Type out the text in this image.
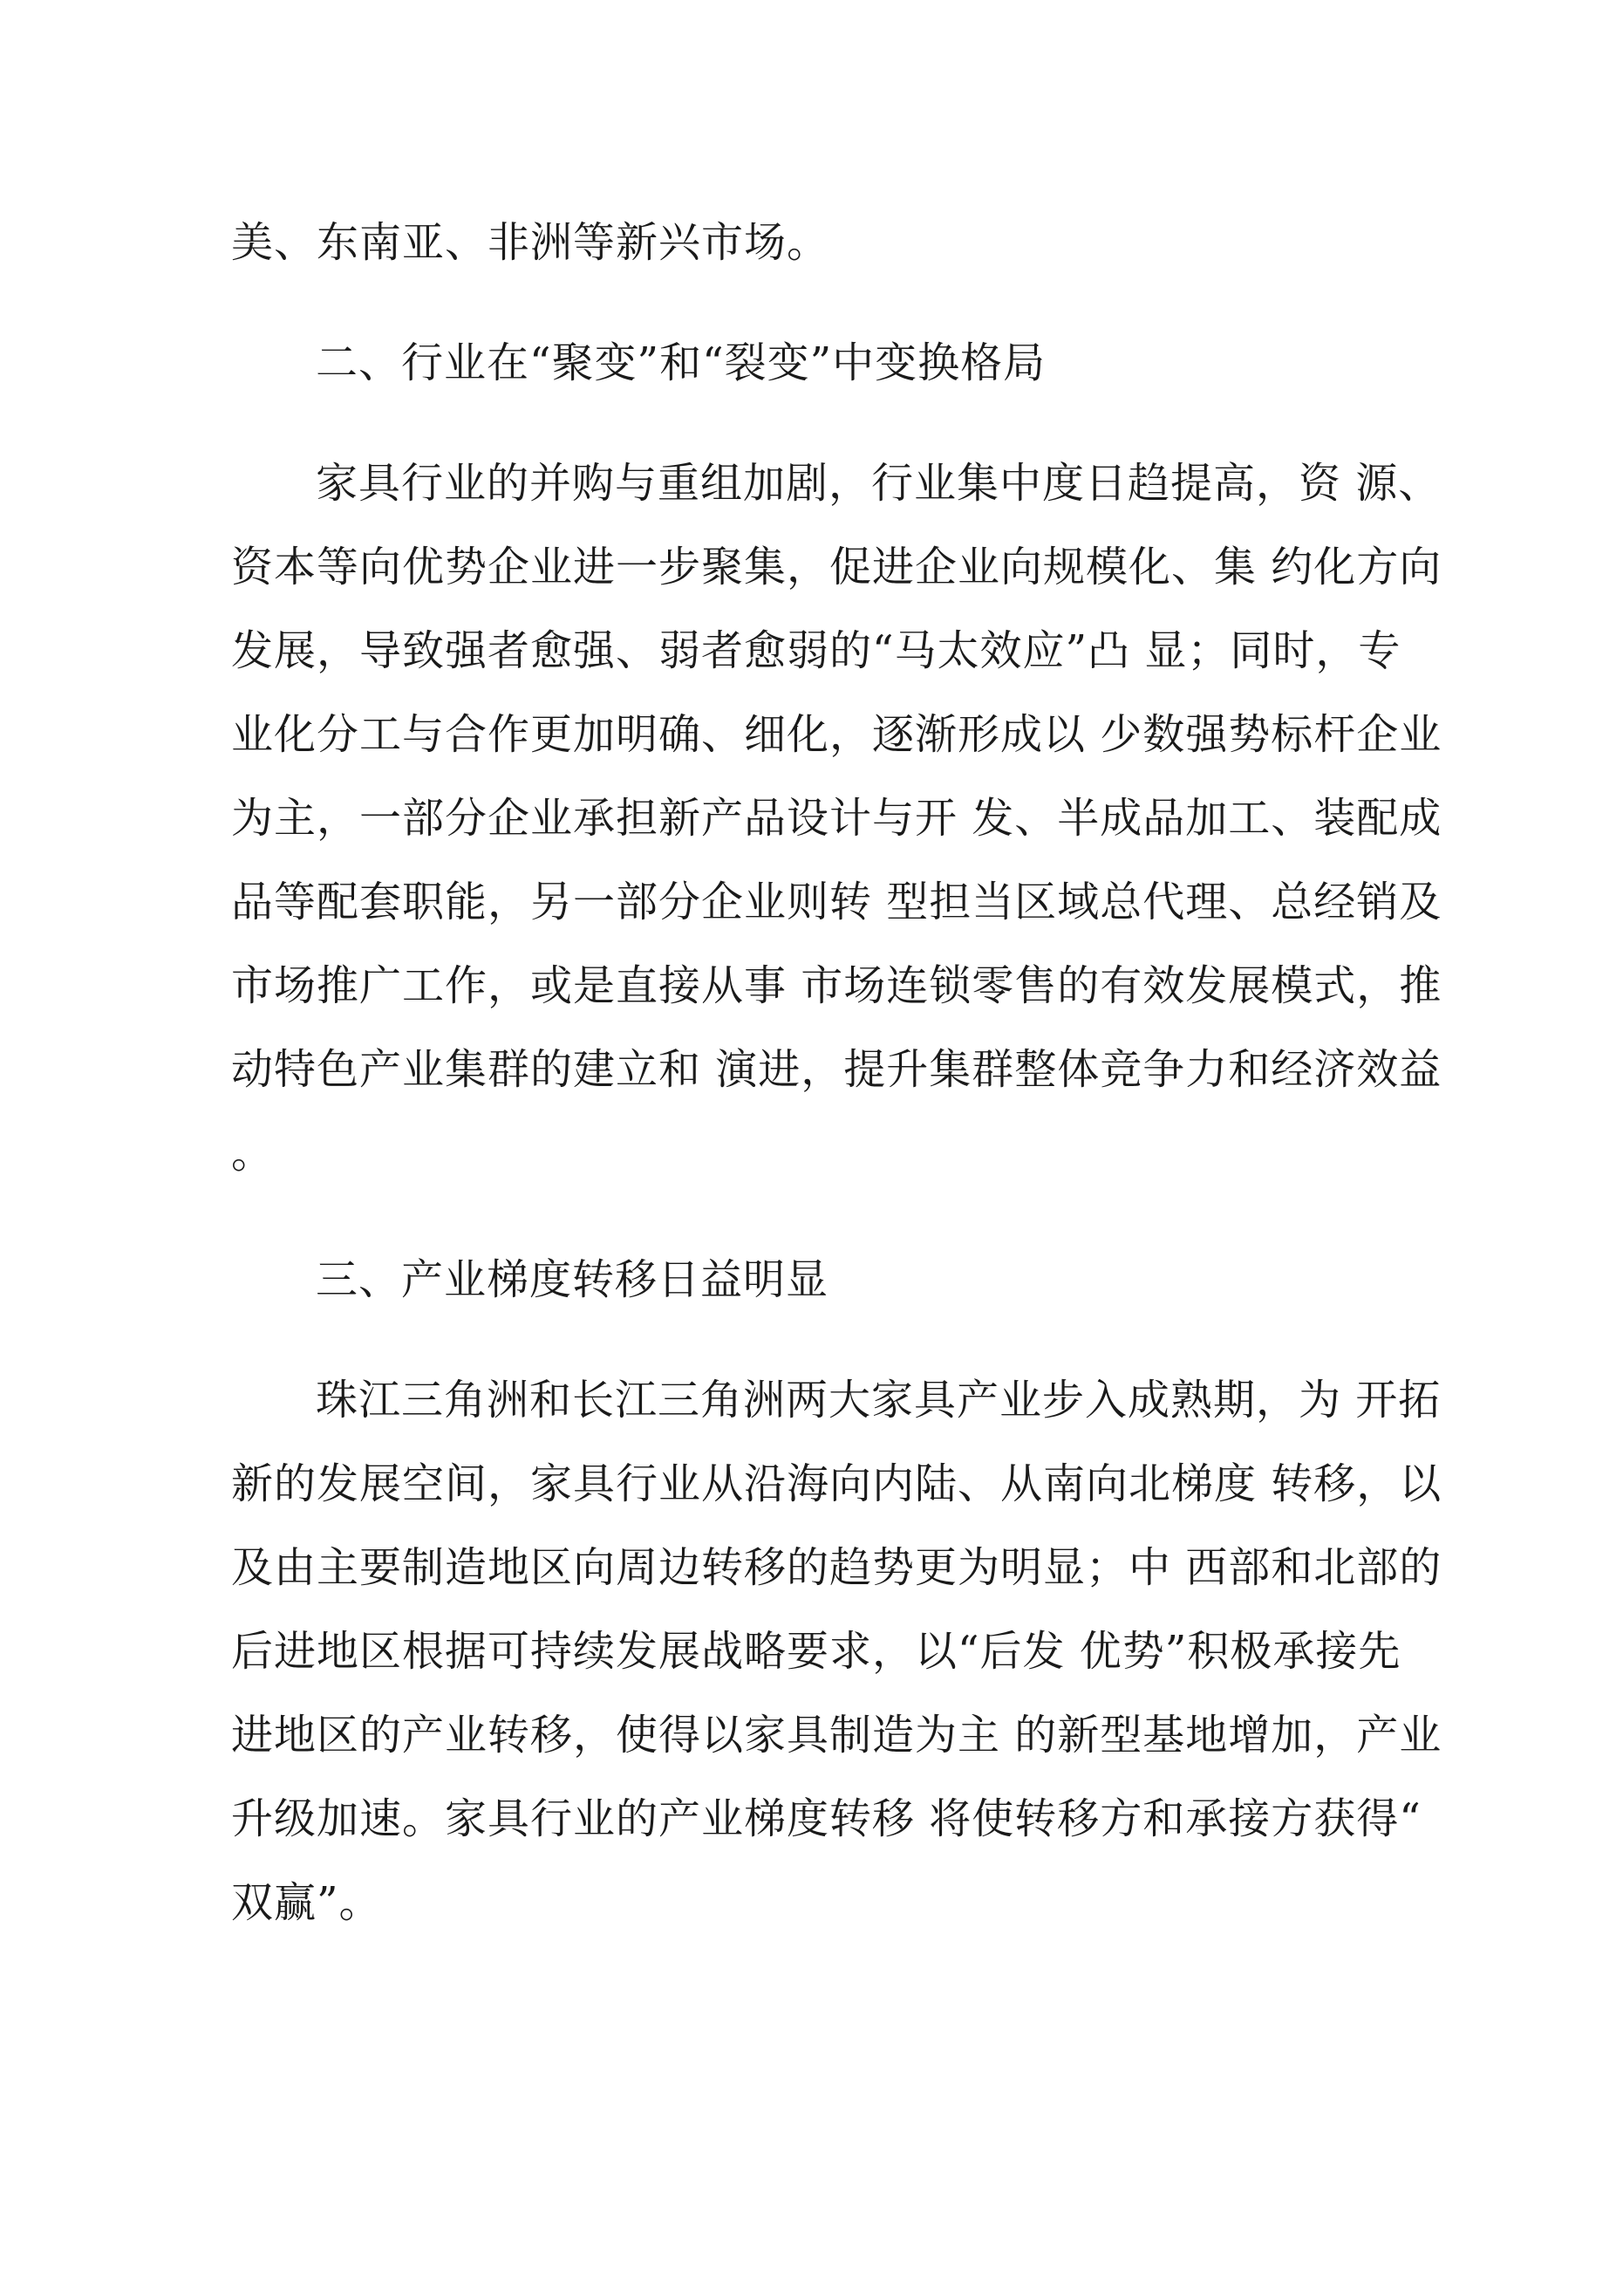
美、东南亚、非洲等新兴市场。
二、行业在“聚变”和“裂变”中变换格局
家具行业的并购与重组加剧，行业集中度日趋提高，资 源、
资本等向优势企业进一步聚集，促进企业向规模化、集 约化方向
发展，导致强者愈强、弱者愈弱的“马太效应”凸 显；同时，专
业化分工与合作更加明确、细化，逐渐形成以 少数强势标杆企业
为主，一部分企业承担新产品设计与开 发、半成品加工、装配成
品等配套职能，另一部分企业则转 型担当区域总代理、总经销及
市场推广工作，或是直接从事 市场连锁零售的有效发展模式，推
动特色产业集群的建立和 演进，提升集群整体竞争力和经济效益
。
三、产业梯度转移日益明显
珠江三角洲和长江三角洲两大家具产业步入成熟期，为 开拓
新的发展空间，家具行业从沿海向内陆、从南向北梯度 转移，以
及由主要制造地区向周边转移的趋势更为明显；中 西部和北部的
后进地区根据可持续发展战略要求，以“后发 优势”积极承接先
进地区的产业转移，使得以家具制造为主 的新型基地增加，产业
升级加速。家具行业的产业梯度转移 将使转移方和承接方获得“
双赢”。
